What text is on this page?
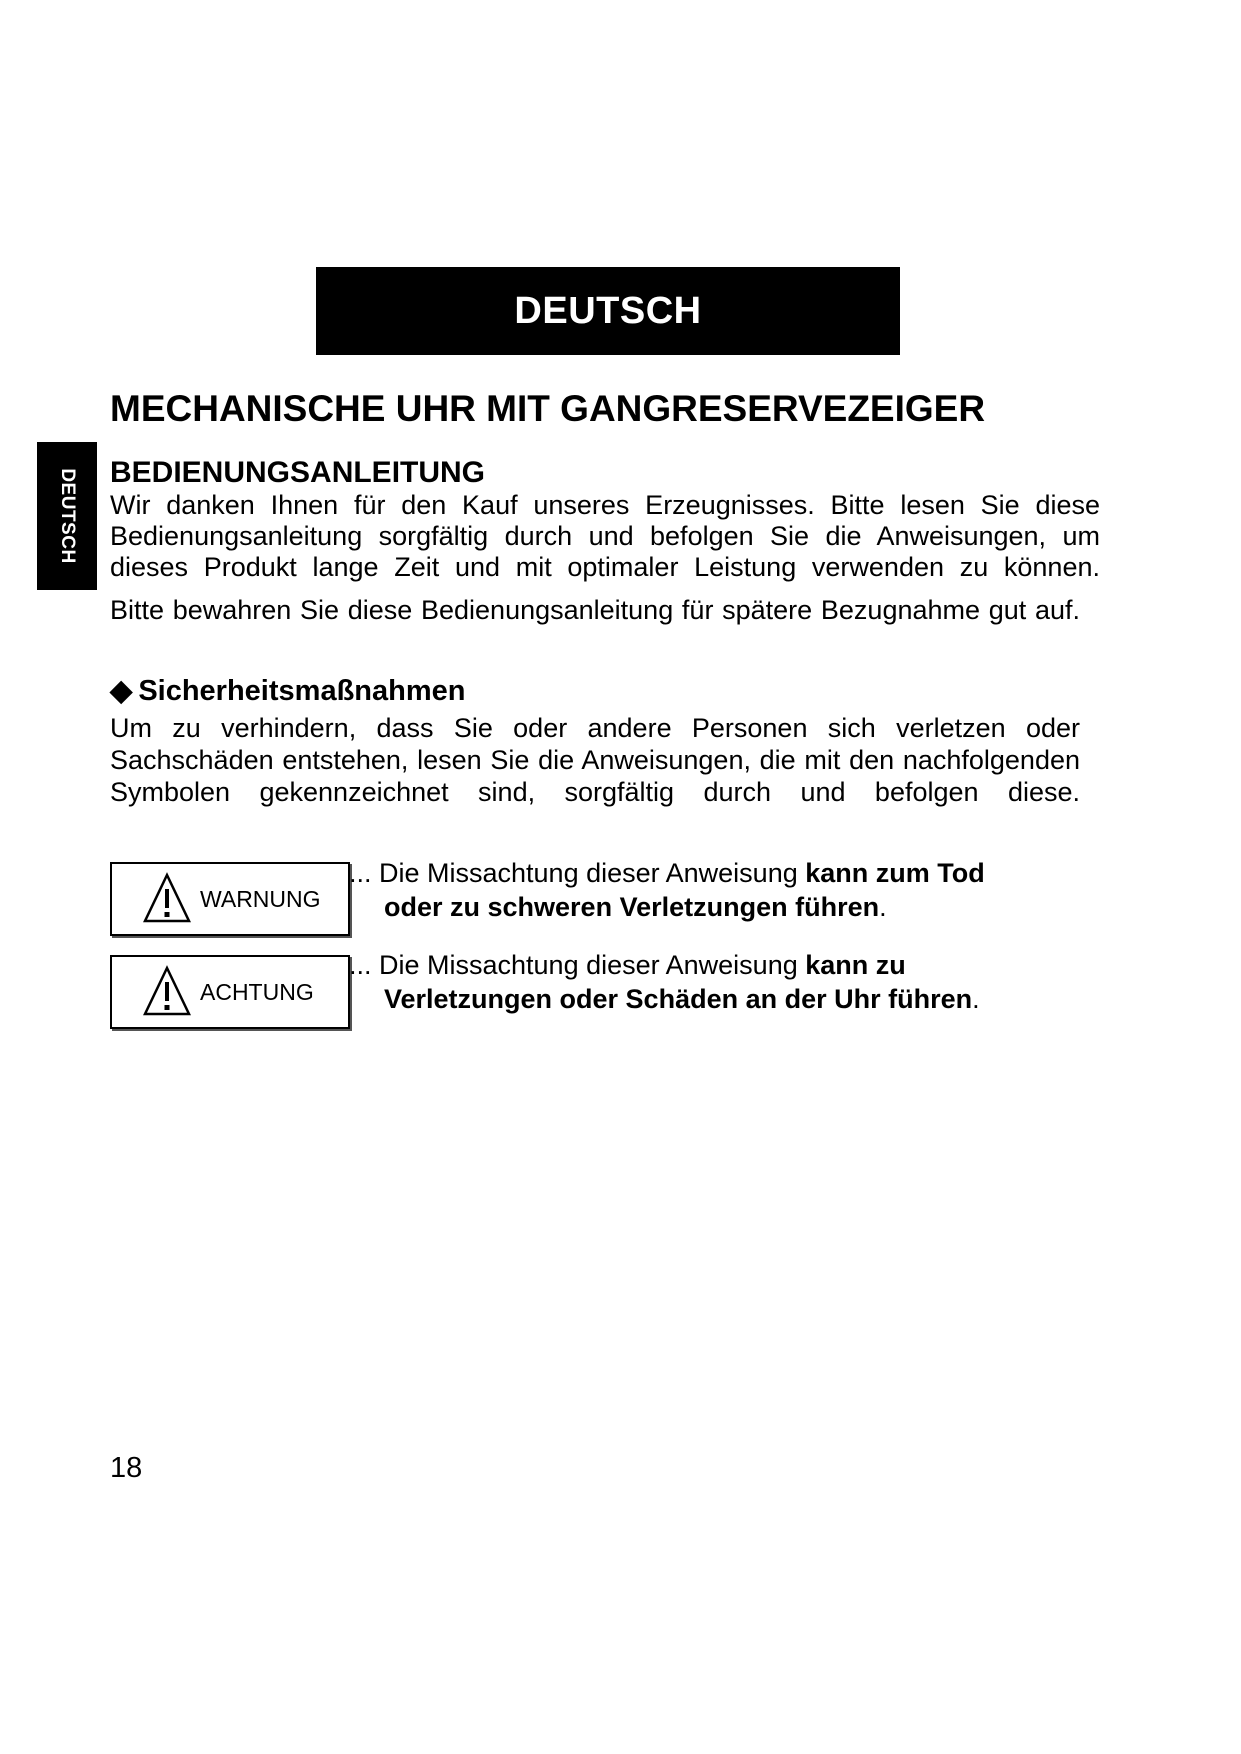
DEUTSCH
DEUTSCH
MECHANISCHE UHR MIT GANGRESERVEZEIGER
BEDIENUNGSANLEITUNG
Wir danken Ihnen für den Kauf unseres Erzeugnisses. Bitte lesen Sie diese Bedienungsanleitung sorgfältig durch und befolgen Sie die Anweisungen, um dieses Produkt lange Zeit und mit optimaler Leistung verwenden zu können.
Bitte bewahren Sie diese Bedienungsanleitung für spätere Bezugnahme gut auf.
◆ Sicherheitsmaßnahmen
Um zu verhindern, dass Sie oder andere Personen sich verletzen oder Sachschäden entstehen, lesen Sie die Anweisungen, die mit den nachfolgenden Symbolen gekennzeichnet sind, sorgfältig durch und befolgen diese.
WARNUNG
... Die Missachtung dieser Anweisung kann zum Tod
oder zu schweren Verletzungen führen.
ACHTUNG
... Die Missachtung dieser Anweisung kann zu
Verletzungen oder Schäden an der Uhr führen.
18
